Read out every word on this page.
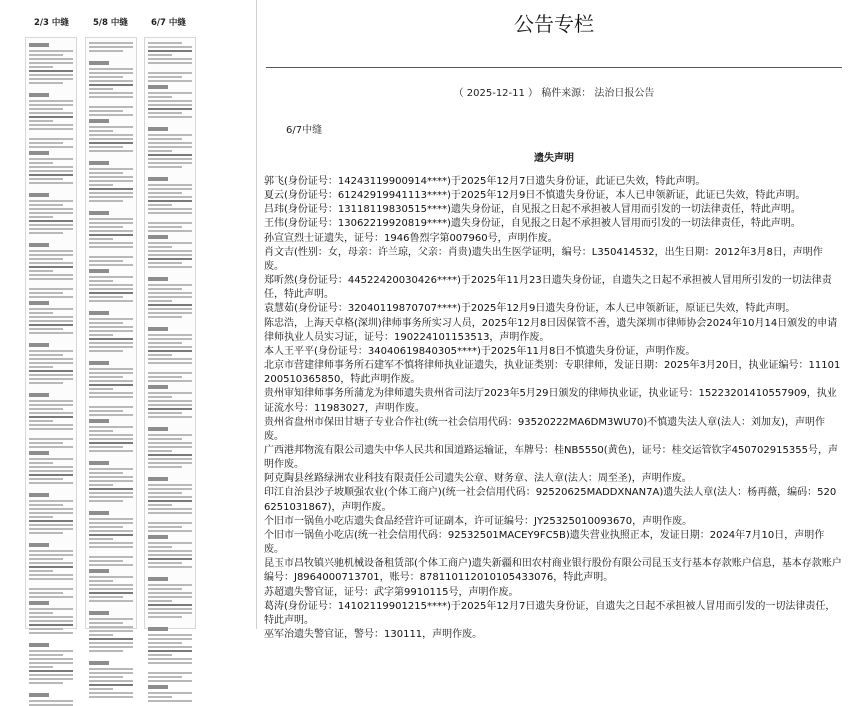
2/3 中缝	5/8 中缝	6/7 中缝	公告专栏
（ 2025-12-11 ） 稿件来源： 法治日报公告
6/7中缝
遗失声明
郭飞(身份证号：14243119900914****)于2025年12月7日遗失身份证，此证已失效，特此声明。
夏云(身份证号：61242919941113****)于2025年12月9日不慎遗失身份证，本人已申领新证，此证已失效，特此声明。
吕玮(身份证号：13118119830515****)遗失身份证，自见报之日起不承担被人冒用而引发的一切法律责任，特此声明。
王伟(身份证号：13062219920819****)遗失身份证，自见报之日起不承担被人冒用而引发的一切法律责任，特此声明。
孙宣宣烈士证遗失，证号：1946鲁烈字第007960号，声明作废。
肖文吉(性别：女，母亲：许兰琼，父亲：肖贵)遗失出生医学证明，编号：L350414532，出生日期：2012年3月8日，声明作废。
郑听然(身份证号：44522420030426****)于2025年11月23日遗失身份证，自遗失之日起不承担被人冒用所引发的一切法律责任，特此声明。
袁慧茹(身份证号：32040119870707****)于2025年12月9日遗失身份证，本人已申领新证，原证已失效，特此声明。
陈忠浩，上海天卓格(深圳)律师事务所实习人员，2025年12月8日因保管不善，遗失深圳市律师协会2024年10月14日颁发的申请律师执业人员实习证，证号：190224101153513，声明作废。
本人王平平(身份证号：34040619840305****)于2025年11月8日不慎遗失身份证，声明作废。
北京市营建律师事务所石建军不慎将律师执业证遗失，执业证类别：专职律师，发证日期：2025年3月20日，执业证编号：11101200510365850，特此声明作废。
贵州审知律师事务所蒲龙为律师遗失贵州省司法厅2023年5月29日颁发的律师执业证，执业证号：15223201410557909，执业证流水号：11983027，声明作废。
贵州省盘州市保田甘塘子专业合作社(统一社会信用代码：93520222MA6DM3WU70)不慎遗失法人章(法人：刘加友)，声明作废。
广西港邦物流有限公司遗失中华人民共和国道路运输证，车牌号：桂NB5550(黄色)，证号：桂交运管钦字450702915355号，声明作废。
阿克陶县丝路绿洲农业科技有限责任公司遗失公章、财务章、法人章(法人：周至圣)，声明作废。
印江自治县沙子坡顺强农业(个体工商户)(统一社会信用代码：92520625MADDXNAN7A)遗失法人章(法人：杨再薇，编码：5206251031867)，声明作废。
个旧市一锅鱼小吃店遗失食品经营许可证副本，许可证编号：JY25325010093670，声明作废。
个旧市一锅鱼小吃店(统一社会信用代码：92532501MACEY9FC5B)遗失营业执照正本，发证日期：2024年7月10日，声明作废。
昆玉市昌牧镇兴驰机械设备租赁部(个体工商户)遗失新疆和田农村商业银行股份有限公司昆玉支行基本存款账户信息，基本存款账户编号：J8964000713701，账号：878110112010105433076，特此声明。
苏超遗失警官证，证号：武字第9910115号，声明作废。
葛涛(身份证号：14102119901215****)于2025年12月7日遗失身份证，自遗失之日起不承担被人冒用而引发的一切法律责任，特此声明。
巫军治遗失警官证，警号：130111，声明作废。
